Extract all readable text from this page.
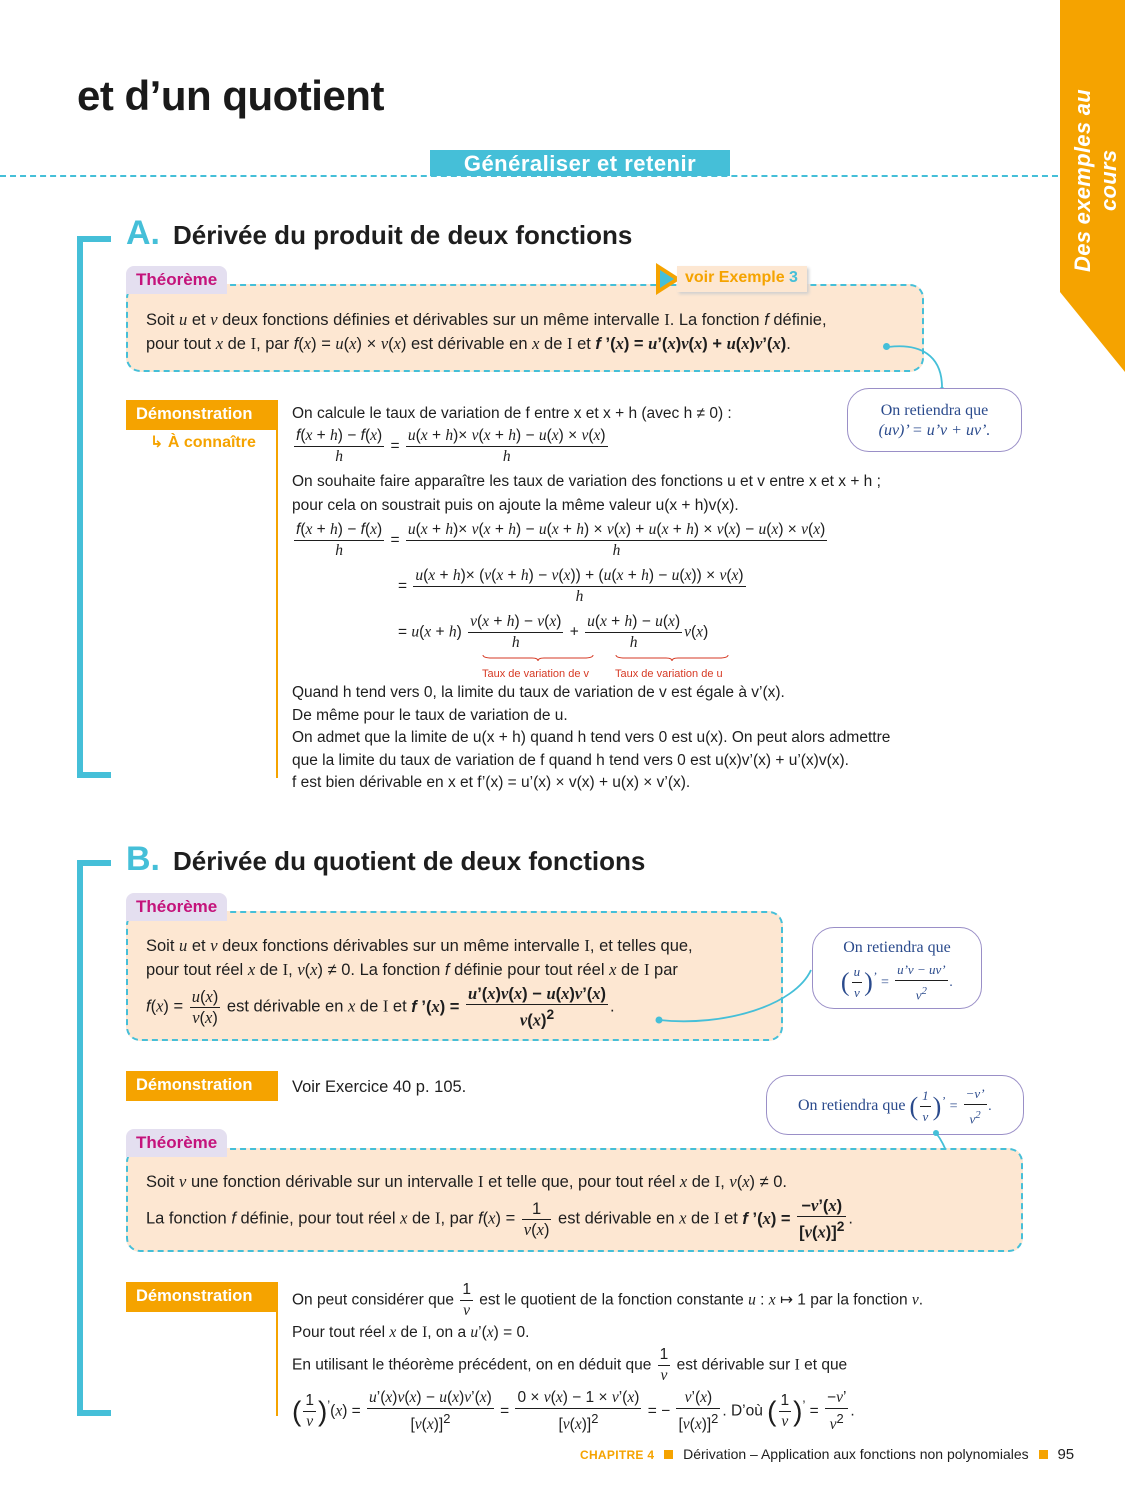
et d’un quotient
Généraliser et retenir	Des exemples au cours
A. Dérivée du produit de deux fonctions
Théorème	voir Exemple 3
Soit u et v deux fonctions définies et dérivables sur un même intervalle I. La fonction f définie,
pour tout x de I, par f(x) = u(x) × v(x) est dérivable en x de I et f ’(x) = u’(x)v(x) + u(x)v’(x).
On retiendra que
(uv)’ = u’v + uv’.
Démonstration
↳ À connaître
On calcule le taux de variation de f entre x et x + h (avec h ≠ 0) :
$\frac{f(x + h) - f(x)}{h} = \frac{u(x + h)\times v(x + h) - u(x) \times v(x)}{h}$
On souhaite faire apparaître les taux de variation des fonctions u et v entre x et x + h ;
pour cela on soustrait puis on ajoute la même valeur u(x + h)v(x).
$\frac{f(x + h) - f(x)}{h}$ =
u(x + h)× v(x + h) − u(x + h) × v(x) + u(x + h) × v(x) − u(x) × v(x)
h
= $\frac{u(x + h)\times (v(x + h) - v(x)) + (u(x + h) - u(x)) \times v(x)}{h}$
= $u(x + h) \frac{v(x + h) - v(x)}{h} + \frac{u(x + h) - u(x)}{h} v(x)$
Taux de variation de v Taux de variation de u
Quand h tend vers 0, la limite du taux de variation de v est égale à v’(x).
De même pour le taux de variation de u.
On admet que la limite de u(x + h) quand h tend vers 0 est u(x). On peut alors admettre
que la limite du taux de variation de f quand h tend vers 0 est u(x)v’(x) + u’(x)v(x).
f est bien dérivable en x et f’(x) = u’(x) × v(x) + u(x) × v’(x).
B. Dérivée du quotient de deux fonctions
Théorème
Soit u et v deux fonctions dérivables sur un même intervalle I, et telles que,
pour tout réel x de I, v(x) ≠ 0. La fonction f définie pour tout réel x de I par
$f(x) = \frac{u(x)}{v(x)}$ est dérivable en x de I et f ’(x) = $\frac{u’(x)v(x) - u(x)v’(x)}{v(x)^2}$ .
On retiendra que
( $\frac{u}{v} )^’ = \frac{u’v - uv’}{v^2}$ .
Démonstration	Voir Exercice 40 p. 105.
On retiendra que ( $\frac{1}{v} )^’ = \frac{-v’}{v^2}$ .
Théorème
Soit v une fonction dérivable sur un intervalle I et telle que, pour tout réel x de I, v(x) ≠ 0.
La fonction f définie, pour tout réel x de I, par $f(x) = \frac{1}{v(x)}$ est dérivable en x de I et f ’(x) = $\frac{-v’(x)}{[v(x)]^2}$ .
Démonstration	On peut considérer que $\frac{1}{v}$ est le quotient de la fonction constante u : x ↦ 1 par la fonction v.
Pour tout réel x de I, on a u’(x) = 0.
En utilisant le théorème précédent, on en déduit que $\frac{1}{v}$ est dérivable sur I et que
( $\frac{1}{v} )^’(x) = \frac{u’(x)v(x) - u(x)v’(x)}{[v(x)]^2} = \frac{0 \times v(x) - 1 \times v’(x)}{[v(x)]^2}$ = − $\frac{v’(x)}{[v(x)]^2}$ . D’où ( $\frac{1}{v} )^’ = \frac{-v’}{v^2}$ .
CHAPITRE 4 Dérivation – Application aux fonctions non polynomiales 95
